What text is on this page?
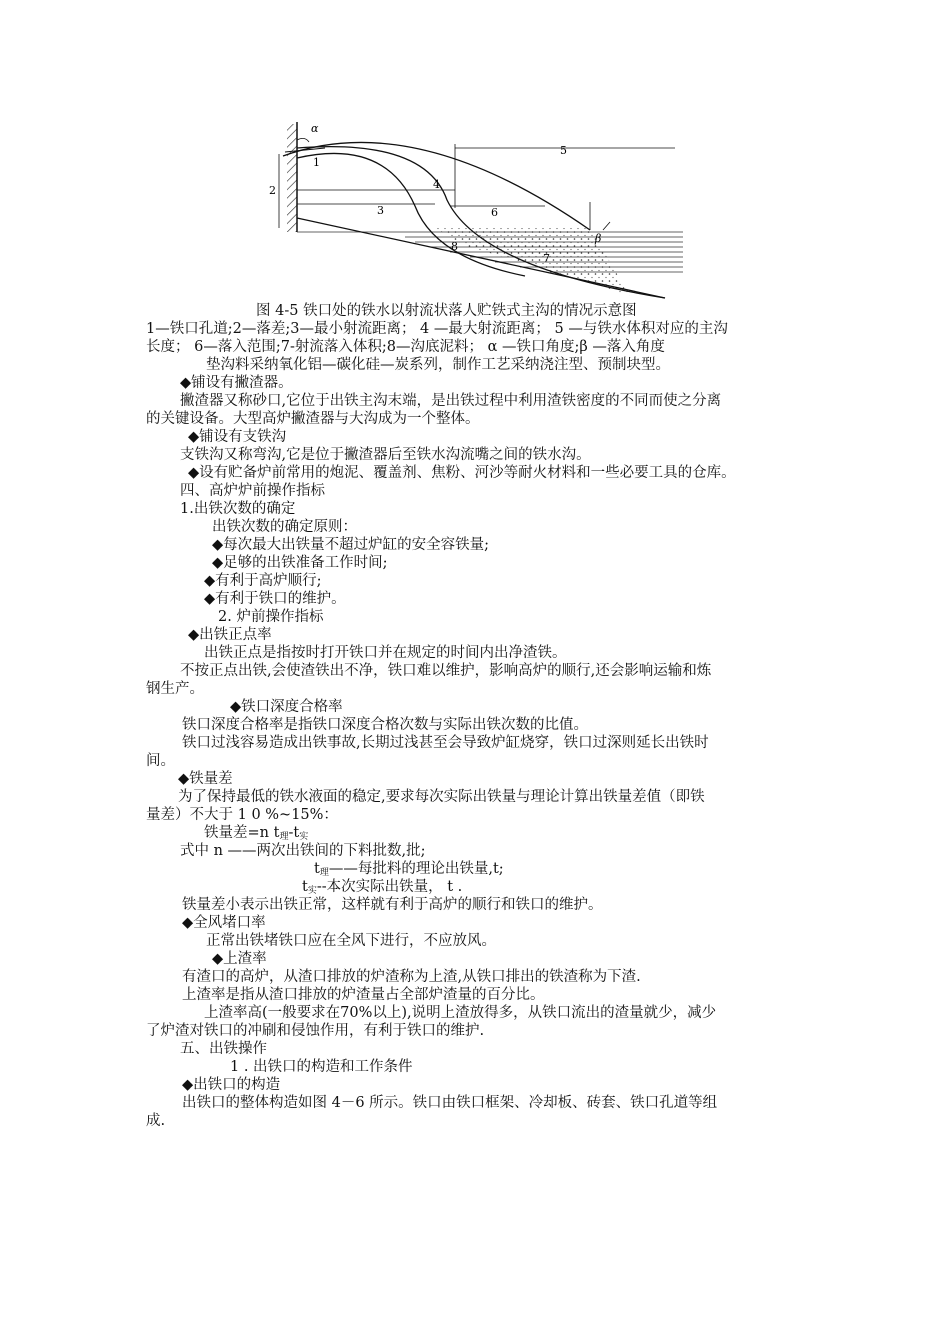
α
1
2
3
4
5
6
7
8
β
图 4-5 铁口处的铁水以射流状落人贮铁式主沟的情况示意图
1—铁口孔道;2—落差;3—最小射流距离； 4 —最大射流距离； 5 —与铁水体积对应的主沟
长度； 6—落入范围;7-射流落入体积;8—沟底泥料； α —铁口角度;β —落入角度
垫沟料采纳氧化铝—碳化硅—炭系列，制作工艺采纳浇注型、预制块型。
◆铺设有撇渣器。
撇渣器又称砂口,它位于出铁主沟末端，是出铁过程中利用渣铁密度的不同而使之分离
的关键设备。大型高炉撇渣器与大沟成为一个整体。
◆铺设有支铁沟
支铁沟又称弯沟,它是位于撇渣器后至铁水沟流嘴之间的铁水沟。
◆设有贮备炉前常用的炮泥、覆盖剂、焦粉、河沙等耐火材料和一些必要工具的仓库。
四、高炉炉前操作指标
1.出铁次数的确定
出铁次数的确定原则：
◆每次最大出铁量不超过炉缸的安全容铁量;
◆足够的出铁准备工作时间;
◆有利于高炉顺行;
◆有利于铁口的维护。
2. 炉前操作指标
◆出铁正点率
出铁正点是指按时打开铁口并在规定的时间内出净渣铁。
不按正点出铁,会使渣铁出不净，铁口难以维护，影响高炉的顺行,还会影响运输和炼
钢生产。
◆铁口深度合格率
铁口深度合格率是指铁口深度合格次数与实际出铁次数的比值。
铁口过浅容易造成出铁事故,长期过浅甚至会导致炉缸烧穿，铁口过深则延长出铁时
间。
◆铁量差
为了保持最低的铁水液面的稳定,要求每次实际出铁量与理论计算出铁量差值（即铁
量差）不大于 1 0 %~15%：
铁量差=n $t_理-t_实$
式中 n ——两次出铁间的下料批数,批;
$t_理——$每批料的理论出铁量,t;
$t_实--$本次实际出铁量， t .
铁量差小表示出铁正常，这样就有利于高炉的顺行和铁口的维护。
◆全风堵口率
正常出铁堵铁口应在全风下进行，不应放风。
◆上渣率
有渣口的高炉，从渣口排放的炉渣称为上渣,从铁口排出的铁渣称为下渣.
上渣率是指从渣口排放的炉渣量占全部炉渣量的百分比。
上渣率高(一般要求在70%以上),说明上渣放得多，从铁口流出的渣量就少，减少
了炉渣对铁口的冲刷和侵蚀作用，有利于铁口的维护.
五、出铁操作
1 . 出铁口的构造和工作条件
◆出铁口的构造
出铁口的整体构造如图 4－6 所示。铁口由铁口框架、冷却板、砖套、铁口孔道等组
成.
